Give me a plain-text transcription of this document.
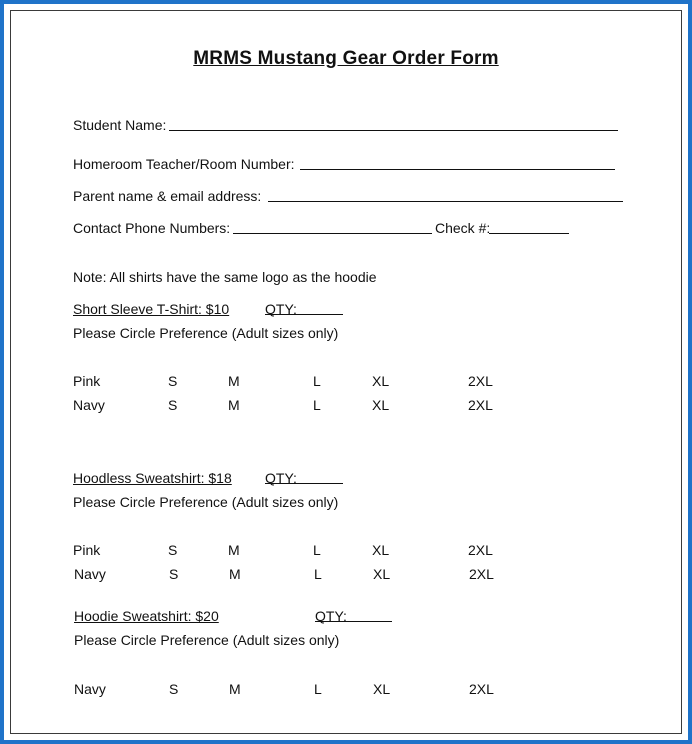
MRMS Mustang Gear Order Form
Student Name:
Homeroom Teacher/Room Number:
Parent name & email address:
Contact Phone Numbers:	Check #:
Note: All shirts have the same logo as the hoodie
Short Sleeve T-Shirt: $10	QTY:
Please Circle Preference (Adult sizes only)
Pink	S	M	L	XL	2XL
Navy	S	M	L	XL	2XL
Hoodless Sweatshirt: $18 QTY:
Please Circle Preference (Adult sizes only)
Pink	S	M	L	XL	2XL
Navy	S	M	L	XL	2XL
Hoodie Sweatshirt: $20	QTY:
Please Circle Preference (Adult sizes only)
Navy	S	M	L	XL	2XL
